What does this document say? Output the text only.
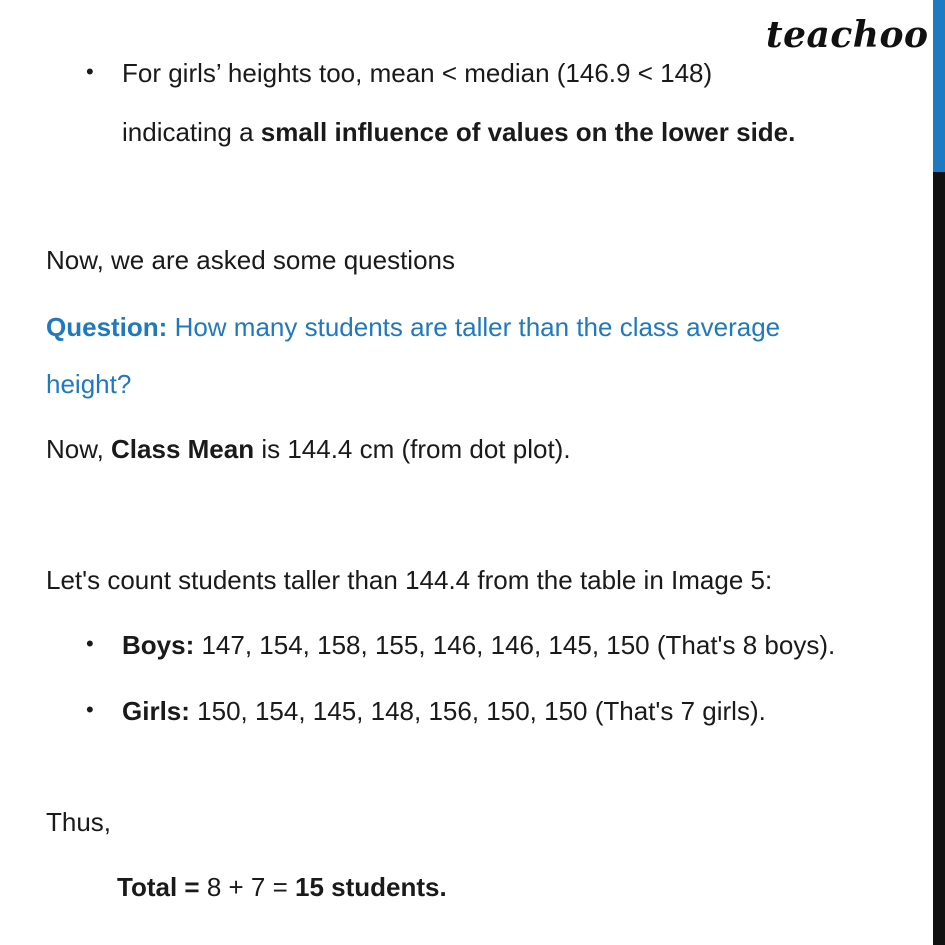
teachoo
• For girls’ heights too, mean < median (146.9 < 148)
indicating a small influence of values on the lower side.
Now, we are asked some questions
Question: How many students are taller than the class average
height?
Now, Class Mean is 144.4 cm (from dot plot).
Let's count students taller than 144.4 from the table in Image 5:
• Boys: 147, 154, 158, 155, 146, 146, 145, 150 (That's 8 boys).
• Girls: 150, 154, 145, 148, 156, 150, 150 (That's 7 girls).
Thus,
Total = 8 + 7 = 15 students.
